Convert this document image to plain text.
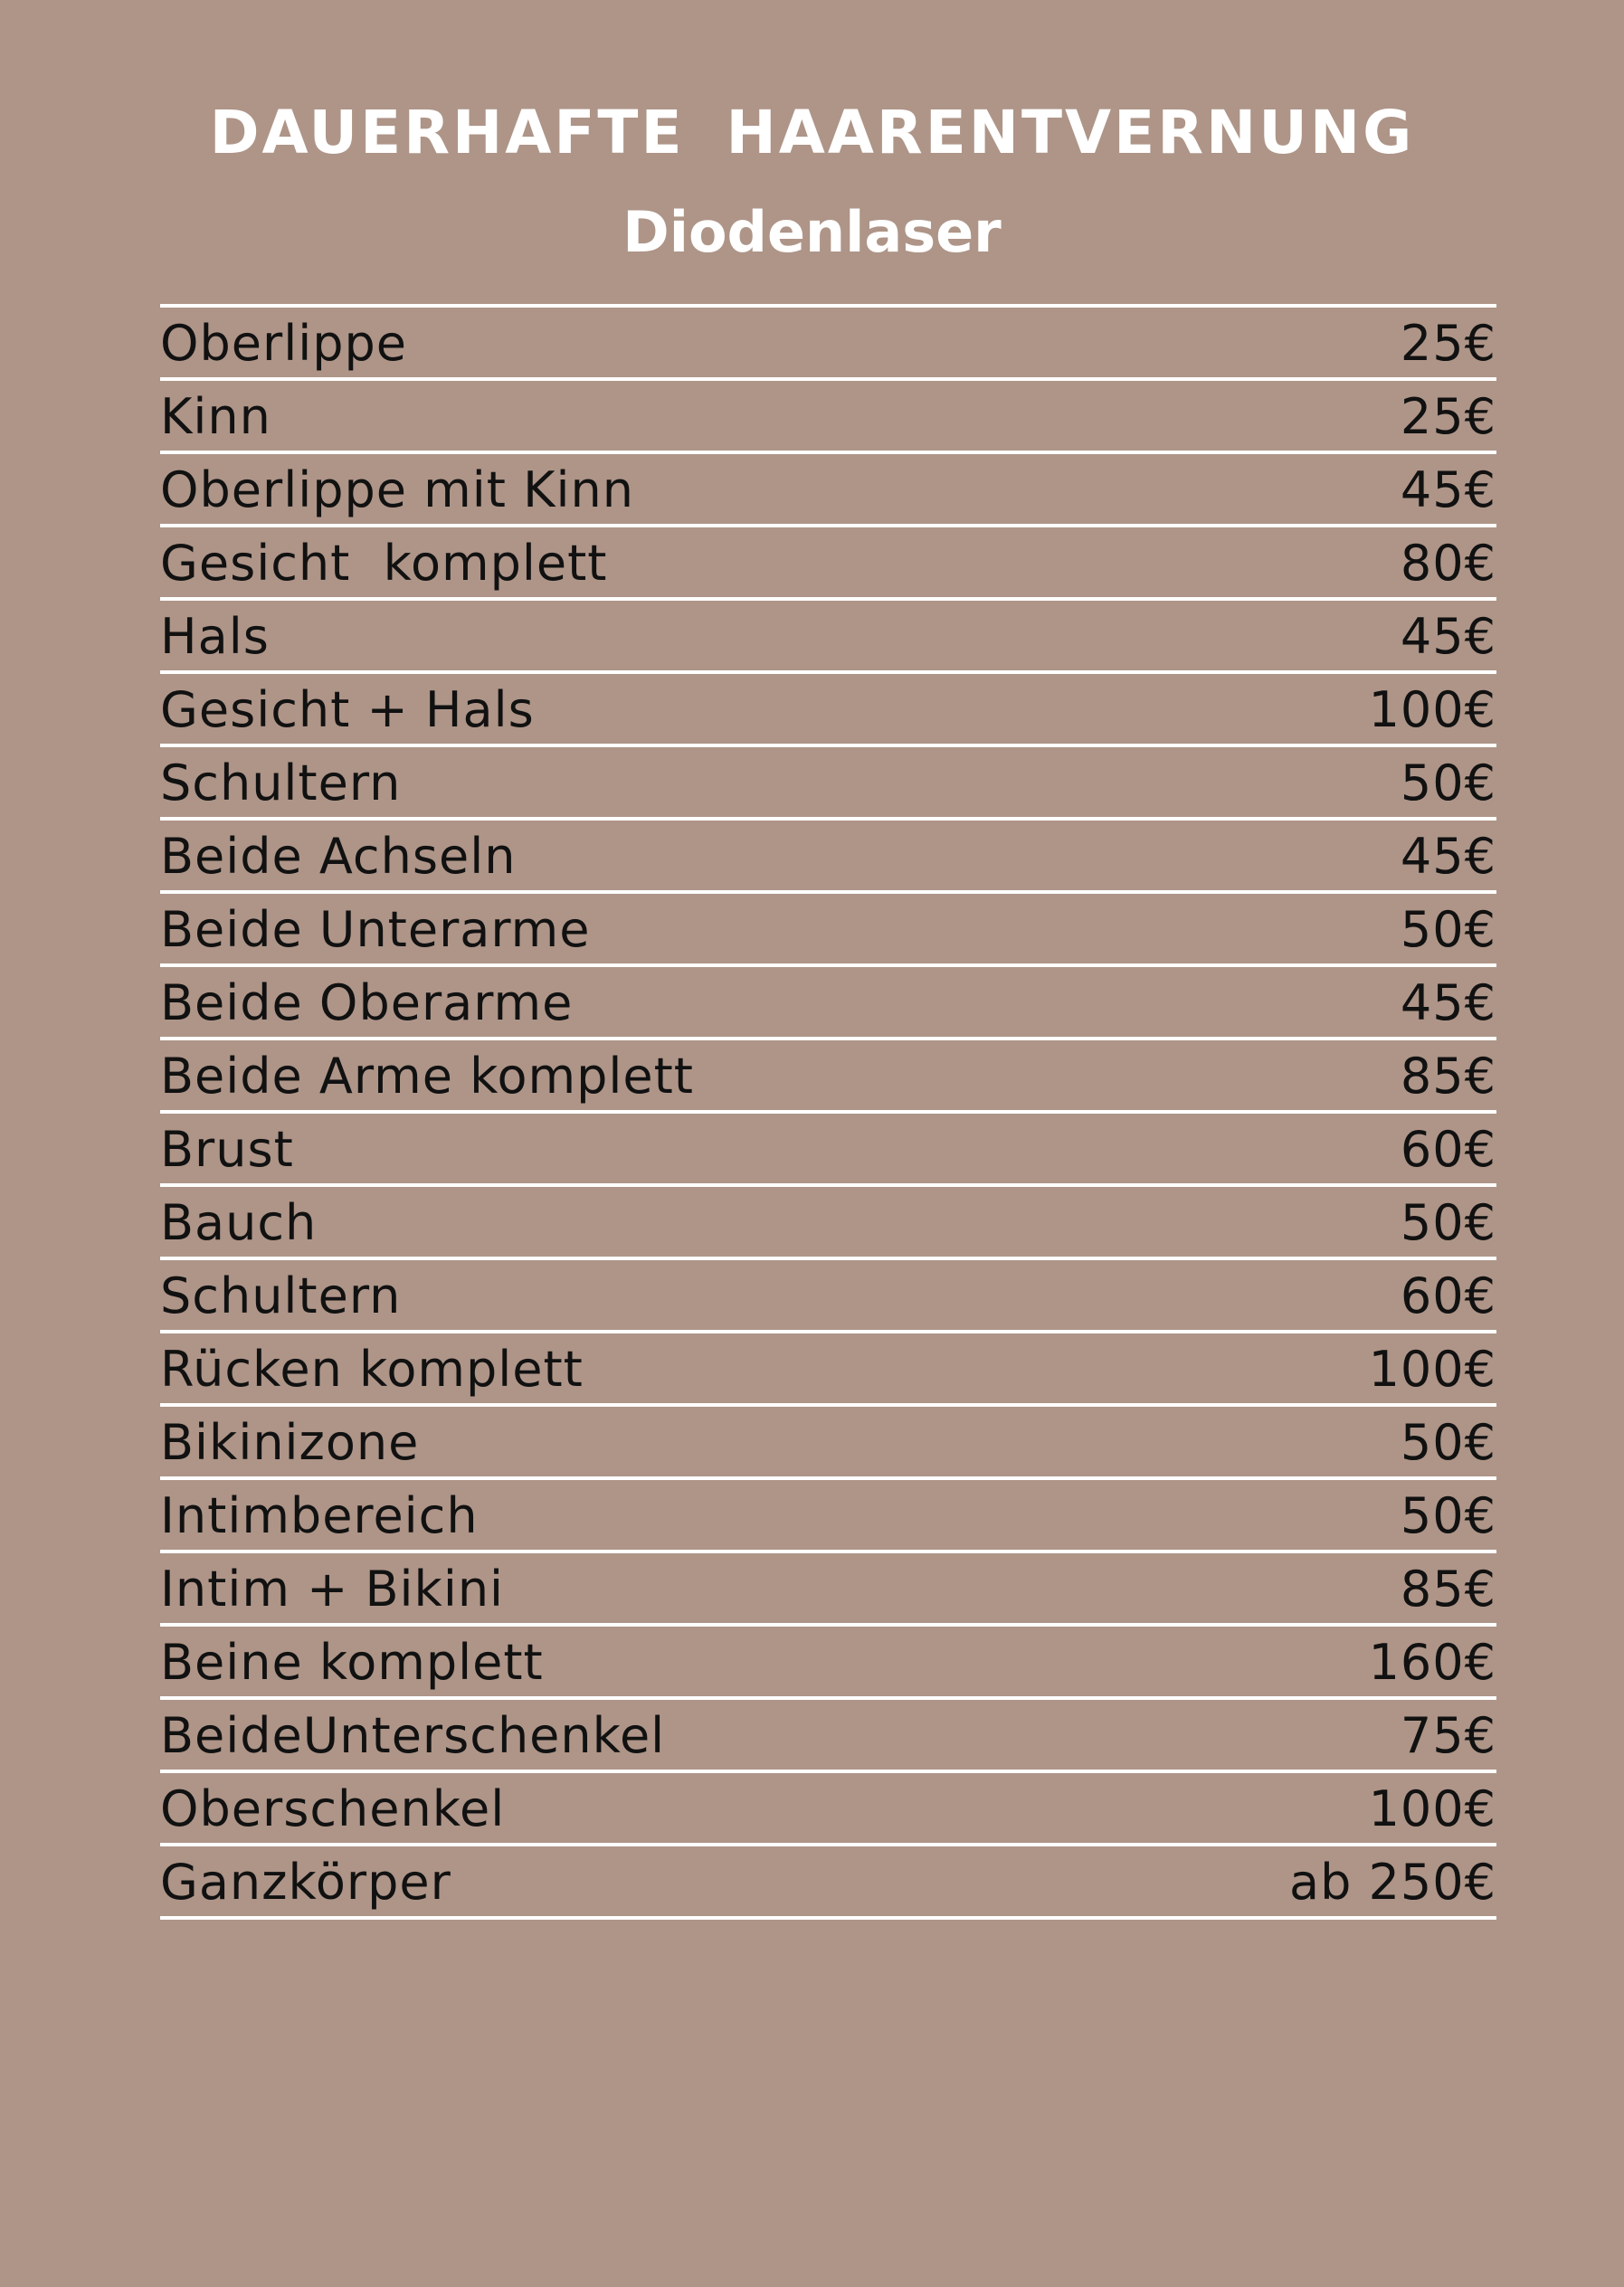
DAUERHAFTE HAARENTVERNUNG
Diodenlaser
Oberlippe	25€
Kinn	25€
Oberlippe mit Kinn	45€
Gesicht  komplett	80€
Hals	45€
Gesicht + Hals	100€
Schultern	50€
Beide Achseln	45€
Beide Unterarme	50€
Beide Oberarme	45€
Beide Arme komplett	85€
Brust	60€
Bauch	50€
Schultern	60€
Rücken komplett	100€
Bikinizone	50€
Intimbereich	50€
Intim + Bikini	85€
Beine komplett	160€
BeideUnterschenkel	75€
Oberschenkel	100€
Ganzkörper	ab 250€
